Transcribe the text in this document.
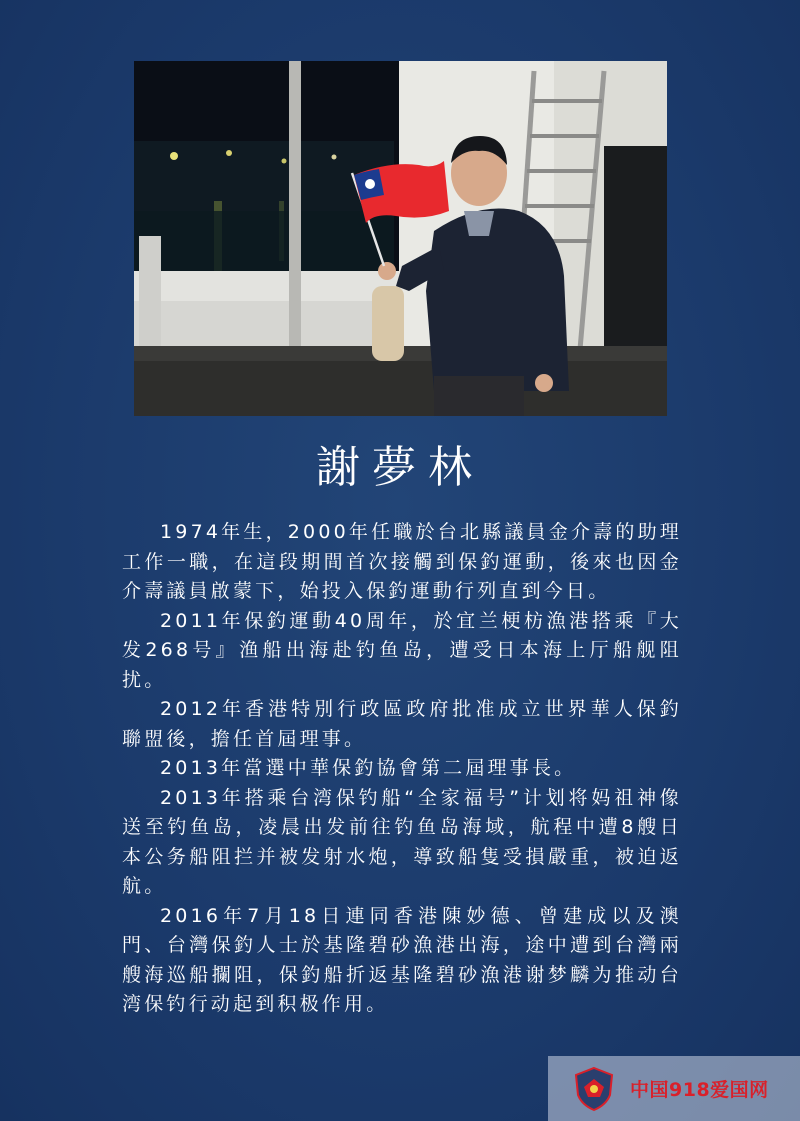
謝夢林

1974年生，2000年任職於台北縣議員金介壽的助理工作一職，在這段期間首次接觸到保釣運動，後來也因金介壽議員啟蒙下，始投入保釣運動行列直到今日。

2011年保釣運動40周年，於宜兰梗枋漁港搭乘『大发268号』渔船出海赴钓鱼岛，遭受日本海上厅船舰阻扰。

2012年香港特別行政區政府批准成立世界華人保釣聯盟後，擔任首屆理事。

2013年當選中華保釣協會第二屆理事長。

2013年搭乘台湾保钓船“全家福号”计划将妈祖神像送至钓鱼岛，凌晨出发前往钓鱼岛海域，航程中遭8艘日本公务船阻拦并被发射水炮，導致船隻受損嚴重，被迫返航。

2016年7月18日連同香港陳妙德、曾建成以及澳門、台灣保釣人士於基隆碧砂漁港出海，途中遭到台灣兩艘海巡船攔阻，保釣船折返基隆碧砂漁港谢梦麟为推动台湾保钓行动起到积极作用。

中国918爱国网
